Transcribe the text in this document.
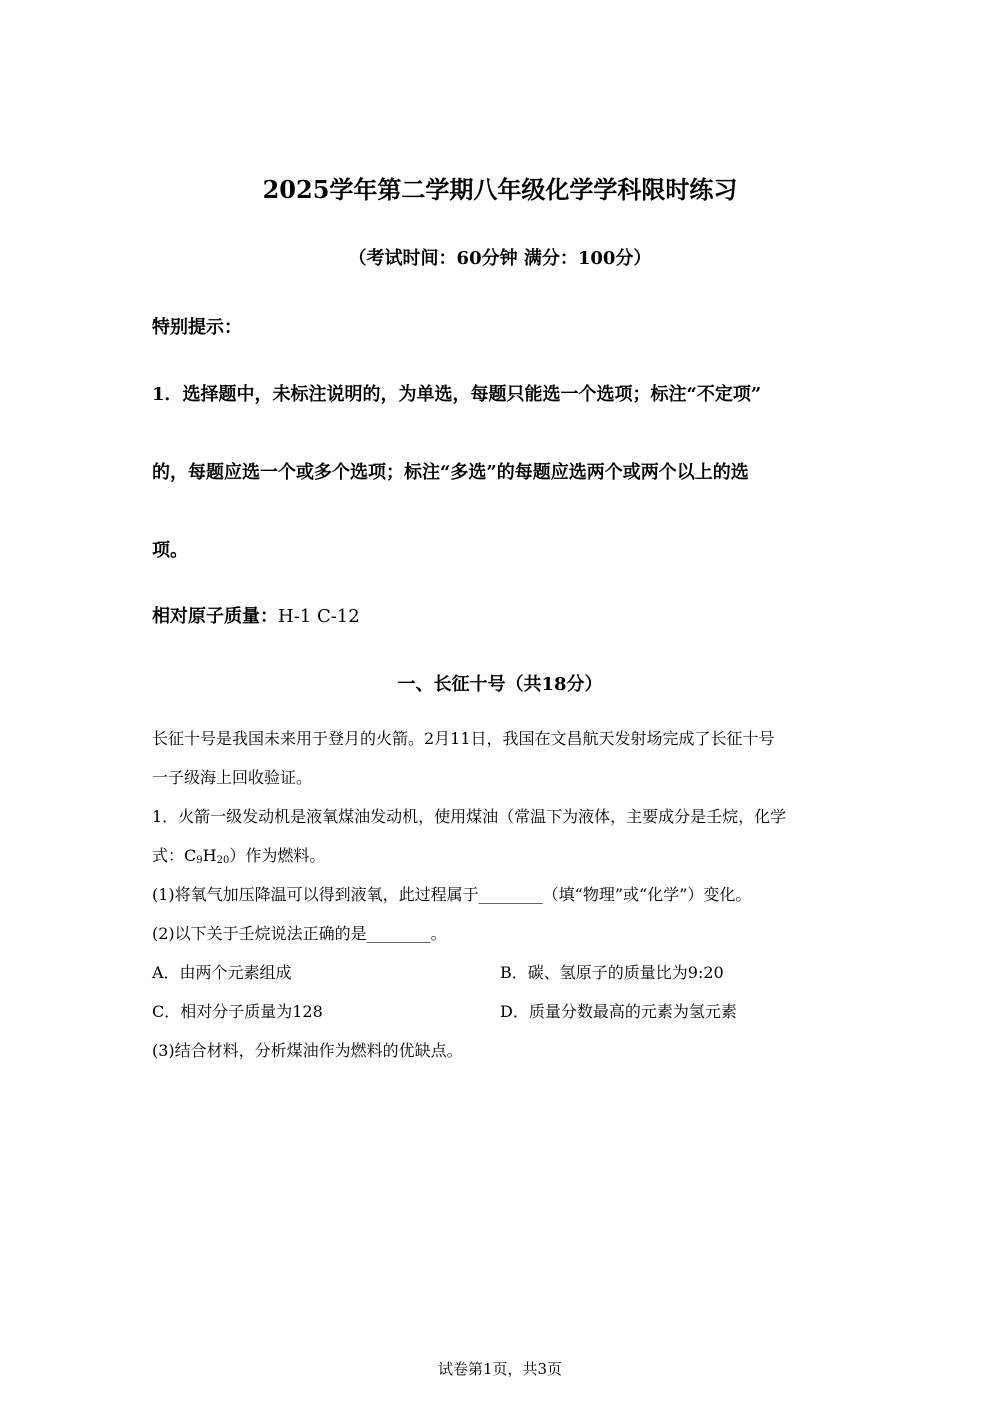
2025学年第二学期八年级化学学科限时练习
（考试时间：60分钟 满分：100分）
特别提示：
1．选择题中，未标注说明的，为单选，每题只能选一个选项；标注“不定项”
的，每题应选一个或多个选项；标注“多选”的每题应选两个或两个以上的选
项。
相对原子质量：H-1 C-12
一、长征十号（共18分）
长征十号是我国未来用于登月的火箭。2月11日，我国在文昌航天发射场完成了长征十号
一子级海上回收验证。
1．火箭一级发动机是液氧煤油发动机，使用煤油（常温下为液体，主要成分是壬烷，化学
式：$C_9H_{20}$）作为燃料。
(1)将氧气加压降温可以得到液氧，此过程属于________（填“物理”或“化学”）变化。
(2)以下关于壬烷说法正确的是________。
A．由两个元素组成	B．碳、氢原子的质量比为9:20
C．相对分子质量为128	D．质量分数最高的元素为氢元素
(3)结合材料，分析煤油作为燃料的优缺点。
试卷第1页，共3页
